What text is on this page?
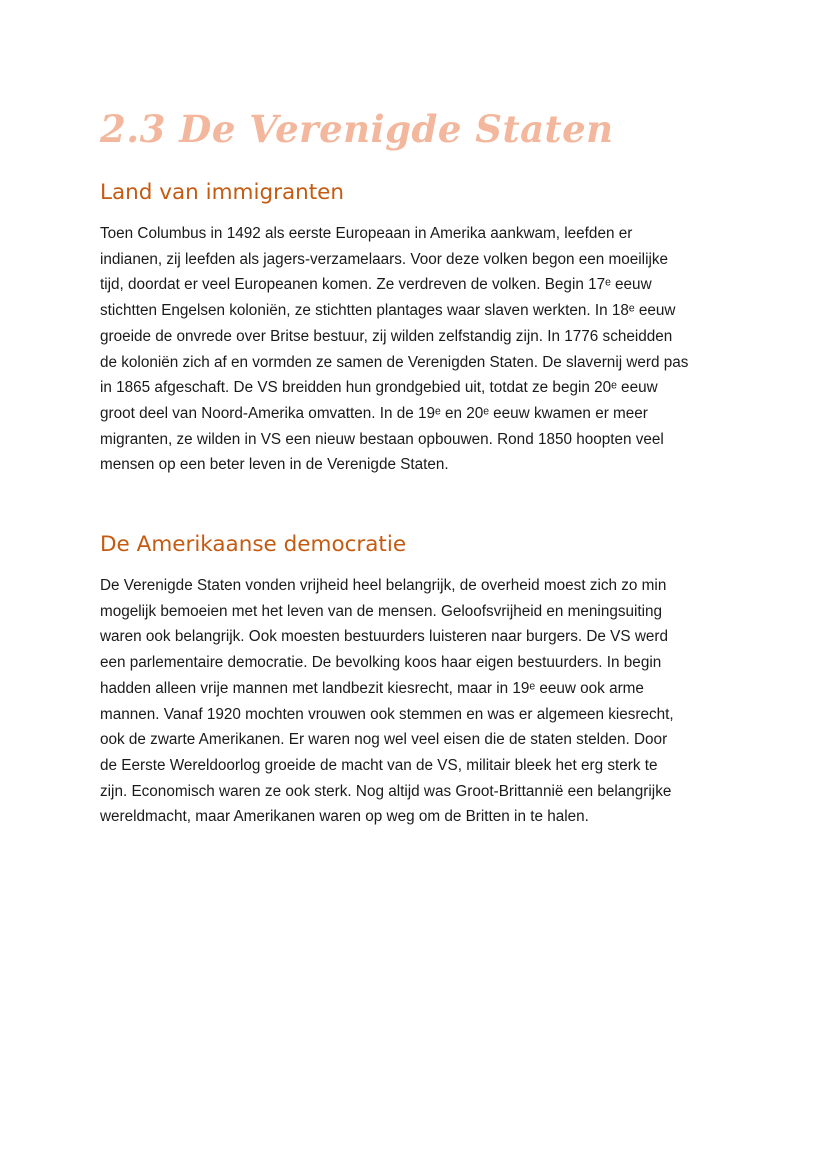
2.3 De Verenigde Staten
Land van immigranten

Toen Columbus in 1492 als eerste Europeaan in Amerika aankwam, leefden er
indianen, zij leefden als jagers-verzamelaars. Voor deze volken begon een moeilijke
tijd, doordat er veel Europeanen komen. Ze verdreven de volken. Begin 17ᵉ eeuw
stichtten Engelsen koloniën, ze stichtten plantages waar slaven werkten. In 18ᵉ eeuw
groeide de onvrede over Britse bestuur, zij wilden zelfstandig zijn. In 1776 scheidden
de koloniën zich af en vormden ze samen de Verenigden Staten. De slavernij werd pas
in 1865 afgeschaft. De VS breidden hun grondgebied uit, totdat ze begin 20ᵉ eeuw
groot deel van Noord-Amerika omvatten. In de 19ᵉ en 20ᵉ eeuw kwamen er meer
migranten, ze wilden in VS een nieuw bestaan opbouwen. Rond 1850 hoopten veel
mensen op een beter leven in de Verenigde Staten.

De Amerikaanse democratie

De Verenigde Staten vonden vrijheid heel belangrijk, de overheid moest zich zo min
mogelijk bemoeien met het leven van de mensen. Geloofsvrijheid en meningsuiting
waren ook belangrijk. Ook moesten bestuurders luisteren naar burgers. De VS werd
een parlementaire democratie. De bevolking koos haar eigen bestuurders. In begin
hadden alleen vrije mannen met landbezit kiesrecht, maar in 19ᵉ eeuw ook arme
mannen. Vanaf 1920 mochten vrouwen ook stemmen en was er algemeen kiesrecht,
ook de zwarte Amerikanen. Er waren nog wel veel eisen die de staten stelden. Door
de Eerste Wereldoorlog groeide de macht van de VS, militair bleek het erg sterk te
zijn. Economisch waren ze ook sterk. Nog altijd was Groot-Brittannië een belangrijke
wereldmacht, maar Amerikanen waren op weg om de Britten in te halen.
